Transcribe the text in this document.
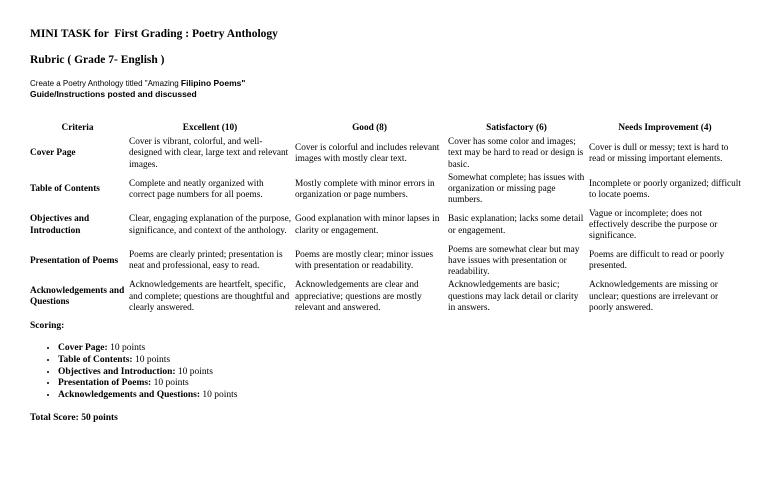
MINI TASK for  First Grading : Poetry Anthology
Rubric ( Grade 7- English )
Create a Poetry Anthology titled "Amazing Filipino Poems"
Guide/Instructions posted and discussed
Criteria	Excellent (10)	Good (8)	Satisfactory (6)	Needs Improvement (4)
Cover Page	Cover is vibrant, colorful, and well-designed with clear, large text and relevant images.	Cover is colorful and includes relevant images with mostly clear text.	Cover has some color and images; text may be hard to read or design is basic.	Cover is dull or messy; text is hard to read or missing important elements.
Table of Contents	Complete and neatly organized with correct page numbers for all poems.	Mostly complete with minor errors in organization or page numbers.	Somewhat complete; has issues with organization or missing page numbers.	Incomplete or poorly organized; difficult to locate poems.
Objectives and Introduction	Clear, engaging explanation of the purpose, significance, and context of the anthology.	Good explanation with minor lapses in clarity or engagement.	Basic explanation; lacks some detail or engagement.	Vague or incomplete; does not effectively describe the purpose or significance.
Presentation of Poems	Poems are clearly printed; presentation is neat and professional, easy to read.	Poems are mostly clear; minor issues with presentation or readability.	Poems are somewhat clear but may have issues with presentation or readability.	Poems are difficult to read or poorly presented.
Acknowledgements and Questions	Acknowledgements are heartfelt, specific, and complete; questions are thoughtful and clearly answered.	Acknowledgements are clear and appreciative; questions are mostly relevant and answered.	Acknowledgements are basic; questions may lack detail or clarity in answers.	Acknowledgements are missing or unclear; questions are irrelevant or poorly answered.
Scoring:
• Cover Page: 10 points
• Table of Contents: 10 points
• Objectives and Introduction: 10 points
• Presentation of Poems: 10 points
• Acknowledgements and Questions: 10 points
Total Score: 50 points
